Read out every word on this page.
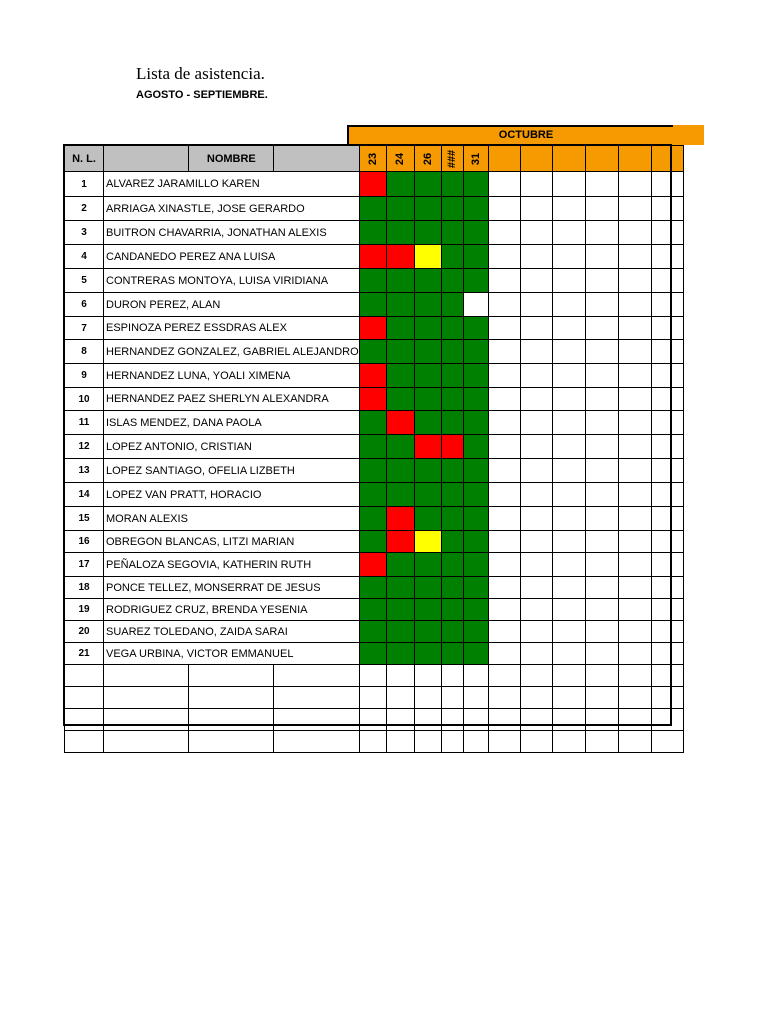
Lista de asistencia.
AGOSTO - SEPTIEMBRE.
OCTUBRE
N. L.		NOMBRE		23	24	26	###	31						
1	ALVAREZ JARAMILLO KAREN													
2	ARRIAGA XINASTLE, JOSE GERARDO													
3	BUITRON CHAVARRIA, JONATHAN ALEXIS													
4	CANDANEDO PEREZ ANA LUISA													
5	CONTRERAS MONTOYA, LUISA VIRIDIANA													
6	DURON PEREZ, ALAN													
7	ESPINOZA PEREZ ESSDRAS ALEX													
8	HERNANDEZ GONZALEZ, GABRIEL ALEJANDRO													
9	HERNANDEZ LUNA, YOALI XIMENA													
10	HERNANDEZ PAEZ SHERLYN ALEXANDRA													
11	ISLAS MENDEZ, DANA PAOLA													
12	LOPEZ ANTONIO, CRISTIAN													
13	LOPEZ SANTIAGO, OFELIA LIZBETH													
14	LOPEZ VAN PRATT, HORACIO													
15	MORAN ALEXIS													
16	OBREGON BLANCAS, LITZI MARIAN													
17	PEÑALOZA SEGOVIA, KATHERIN RUTH													
18	PONCE TELLEZ, MONSERRAT DE JESUS													
19	RODRIGUEZ CRUZ, BRENDA YESENIA													
20	SUAREZ TOLEDANO, ZAIDA SARAI													
21	VEGA URBINA, VICTOR EMMANUEL													
